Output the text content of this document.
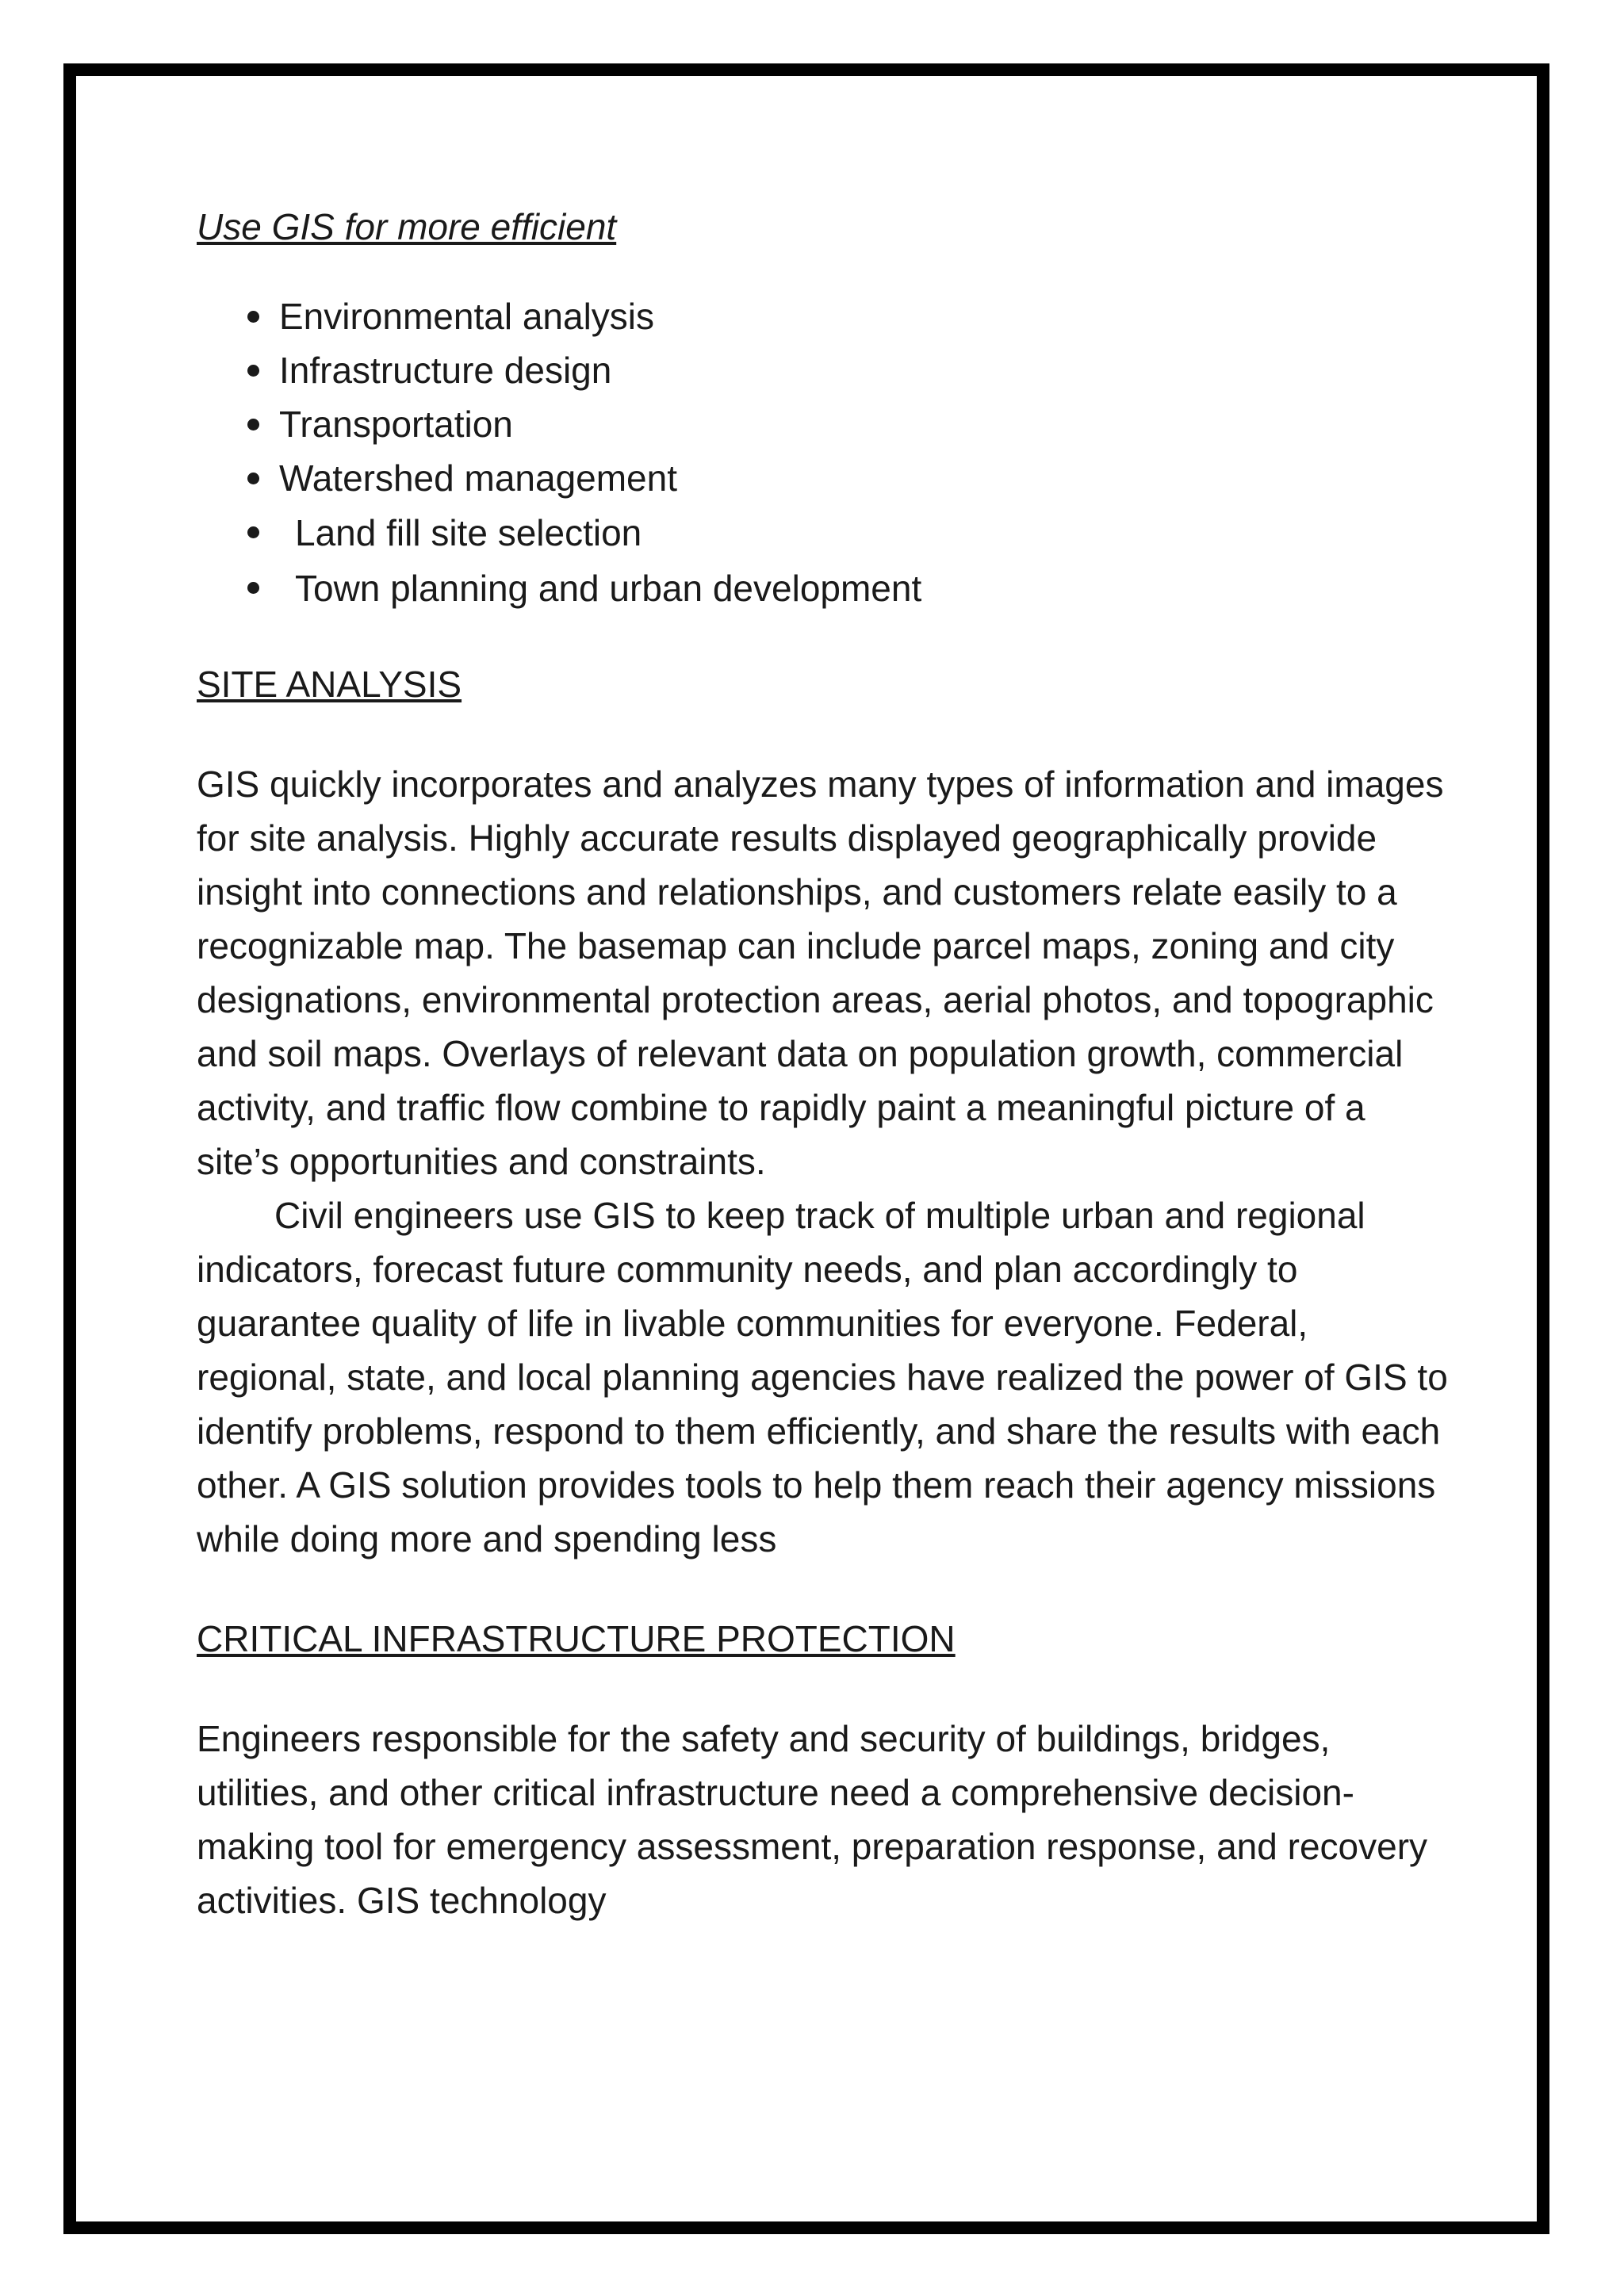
Use GIS for more efficient

Environmental analysis
Infrastructure design
Transportation
Watershed management
Land fill site selection
Town planning and urban development

SITE ANALYSIS

GIS quickly incorporates and analyzes many types of information and images for site analysis. Highly accurate results displayed geographically provide insight into connections and relationships, and customers relate easily to a recognizable map. The basemap can include parcel maps, zoning and city designations, environmental protection areas, aerial photos, and topographic and soil maps. Overlays of relevant data on population growth, commercial activity, and traffic flow combine to rapidly paint a meaningful picture of a site’s opportunities and constraints.

Civil engineers use GIS to keep track of multiple urban and regional indicators, forecast future community needs, and plan accordingly to guarantee quality of life in livable communities for everyone. Federal, regional, state, and local planning agencies have realized the power of GIS to identify problems, respond to them efficiently, and share the results with each other. A GIS solution provides tools to help them reach their agency missions while doing more and spending less

CRITICAL INFRASTRUCTURE PROTECTION

Engineers responsible for the safety and security of buildings, bridges, utilities, and other critical infrastructure need a comprehensive decision-making tool for emergency assessment, preparation response, and recovery activities. GIS technology
